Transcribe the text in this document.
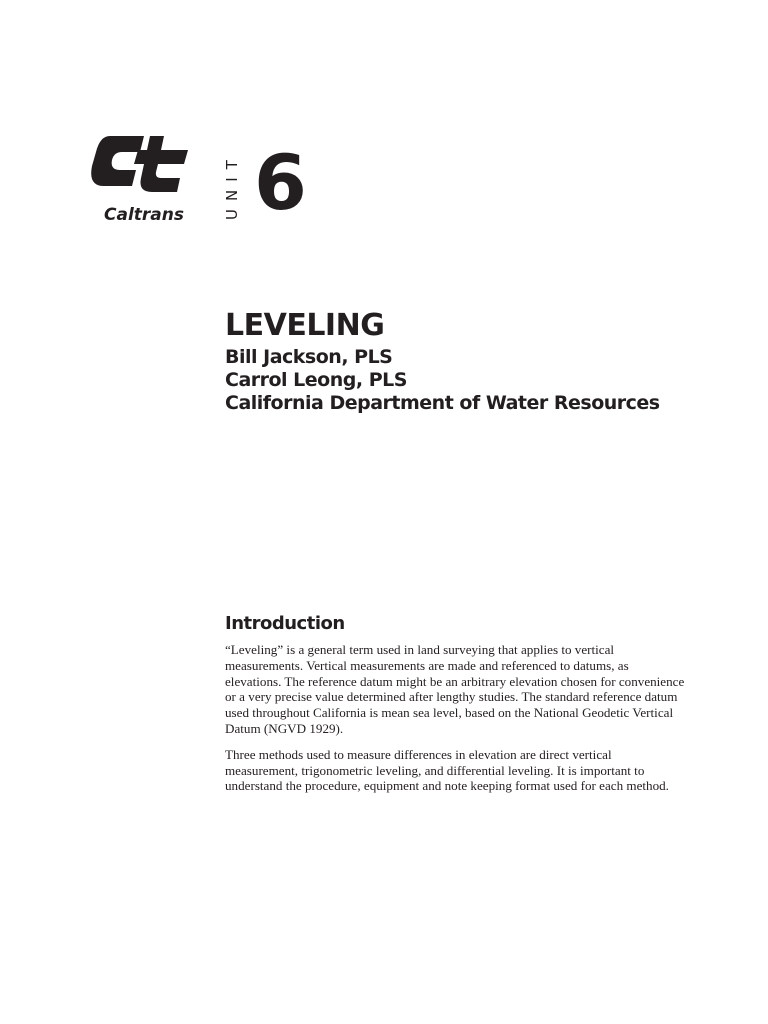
Caltrans	UNIT 6
LEVELING

Bill Jackson, PLS

Carrol Leong, PLS

California Department of Water Resources

Introduction

“Leveling” is a general term used in land surveying that applies to vertical measurements. Vertical measurements are made and referenced to datums, as elevations. The reference datum might be an arbitrary elevation chosen for convenience or a very precise value determined after lengthy studies. The standard reference datum used throughout California is mean sea level, based on the National Geodetic Vertical Datum (NGVD 1929).

Three methods used to measure differences in elevation are direct vertical measurement, trigonometric leveling, and differential leveling. It is important to understand the procedure, equipment and note keeping format used for each method.
